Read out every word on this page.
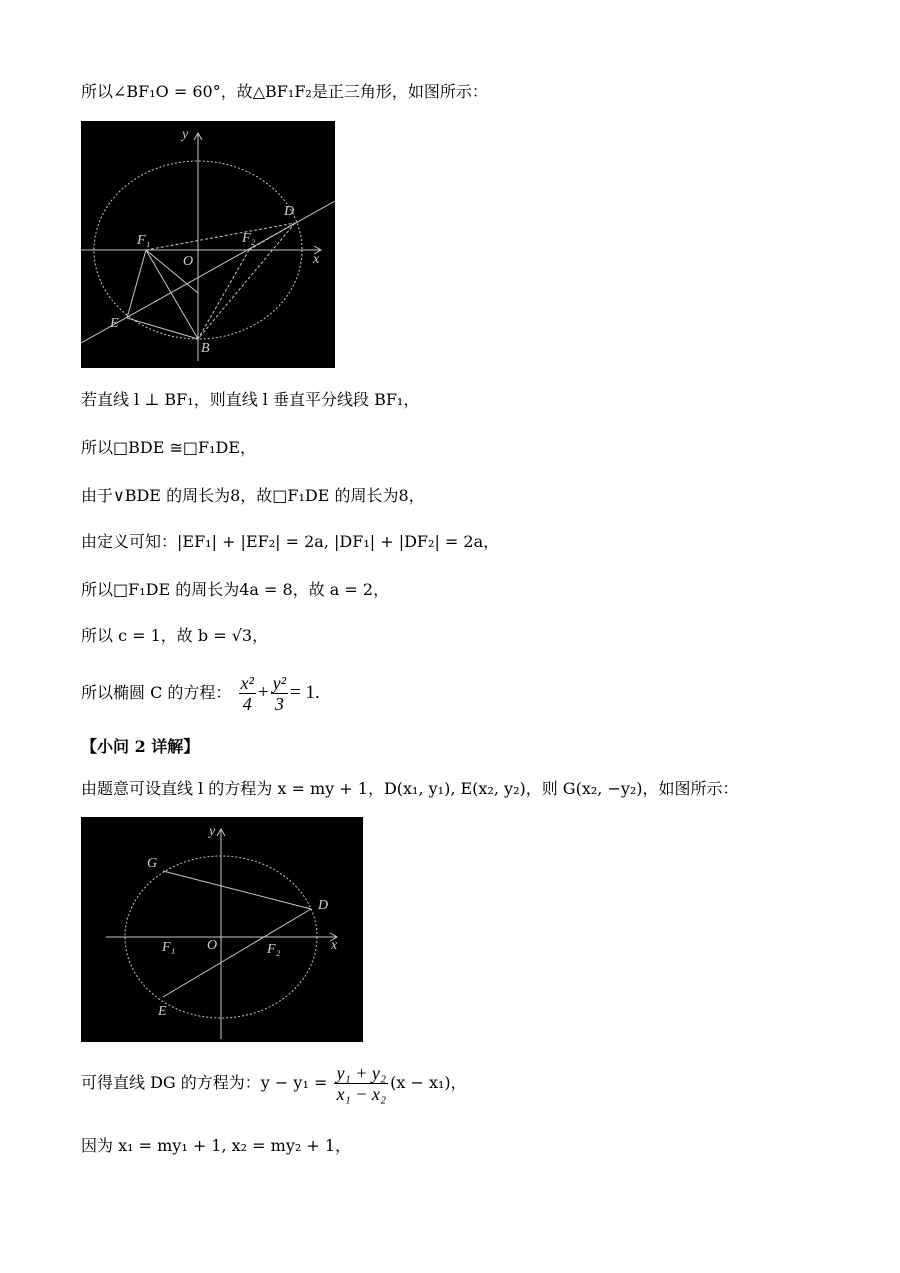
所以∠BF₁O = 60°，故△BF₁F₂是正三角形，如图所示：
y
x
O
F₁	F₂
D
E
B
若直线 l ⊥ BF₁，则直线 l 垂直平分线段 BF₁，
所以□BDE ≅□F₁DE，
由于∨BDE 的周长为8，故□F₁DE 的周长为8，
由定义可知：|EF₁| + |EF₂| = 2a, |DF₁| + |DF₂| = 2a，
所以□F₁DE 的周长为4a = 8，故 a = 2，
所以 c = 1，故 b = √3，
所以椭圆 C 的方程： $\frac{\text{x²}}{4} + \frac{\text{y²}}{3} = 1$.
【小问 2 详解】
由题意可设直线 l 的方程为 x = my + 1，D(x₁, y₁), E(x₂, y₂)，则 G(x₂, −y₂)，如图所示：
y
x
O
F₁	F₂
D
E
G
可得直线 DG 的方程为：$y - y_1 = \frac{\text{y₁ + y₂}}{\text{x₁ − x₂}} (x - x_1)$，
因为 x₁ = my₁ + 1, x₂ = my₂ + 1，
